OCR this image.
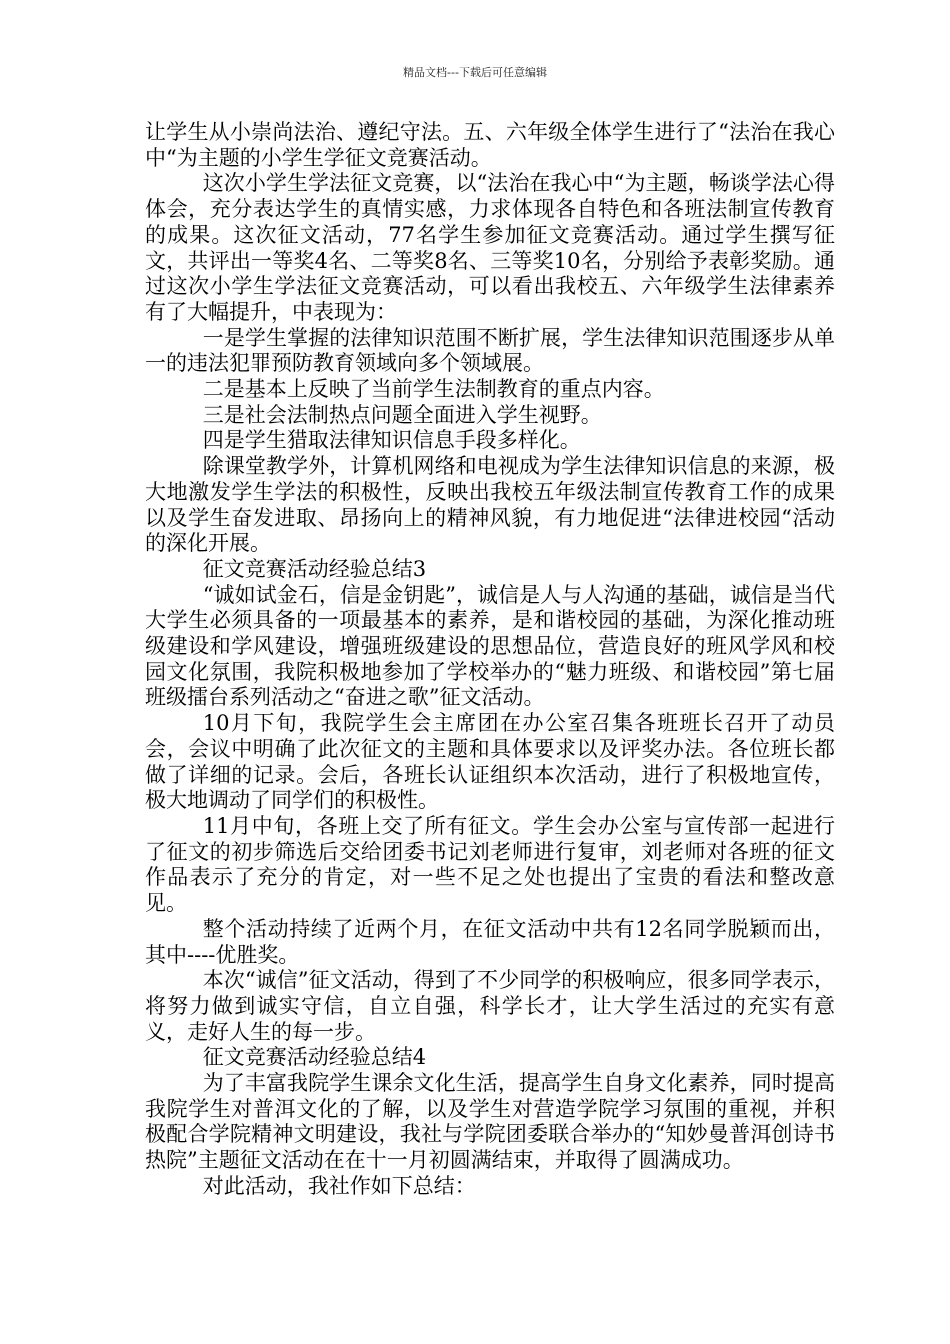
精品文档---下载后可任意编辑

让学生从小崇尚法治、遵纪守法。五、六年级全体学生进行了“法治在我心中“为主题的小学生学征文竞赛活动。

这次小学生学法征文竞赛，以“法治在我心中“为主题，畅谈学法心得体会，充分表达学生的真情实感，力求体现各自特色和各班法制宣传教育的成果。这次征文活动，77名学生参加征文竞赛活动。通过学生撰写征文，共评出一等奖4名、二等奖8名、三等奖10名，分别给予表彰奖励。通过这次小学生学法征文竞赛活动，可以看出我校五、六年级学生法律素养有了大幅提升，中表现为：

一是学生掌握的法律知识范围不断扩展，学生法律知识范围逐步从单一的违法犯罪预防教育领域向多个领域展。

二是基本上反映了当前学生法制教育的重点内容。

三是社会法制热点问题全面进入学生视野。

四是学生猎取法律知识信息手段多样化。

除课堂教学外，计算机网络和电视成为学生法律知识信息的来源，极大地激发学生学法的积极性，反映出我校五年级法制宣传教育工作的成果以及学生奋发进取、昂扬向上的精神风貌，有力地促进“法律进校园“活动的深化开展。

征文竞赛活动经验总结3

“诚如试金石，信是金钥匙”，诚信是人与人沟通的基础，诚信是当代大学生必须具备的一项最基本的素养，是和谐校园的基础，为深化推动班级建设和学风建设，增强班级建设的思想品位，营造良好的班风学风和校园文化氛围，我院积极地参加了学校举办的“魅力班级、和谐校园”第七届班级擂台系列活动之“奋进之歌”征文活动。

10月下旬，我院学生会主席团在办公室召集各班班长召开了动员会，会议中明确了此次征文的主题和具体要求以及评奖办法。各位班长都做了详细的记录。会后，各班长认证组织本次活动，进行了积极地宣传，极大地调动了同学们的积极性。

11月中旬，各班上交了所有征文。学生会办公室与宣传部一起进行了征文的初步筛选后交给团委书记刘老师进行复审，刘老师对各班的征文作品表示了充分的肯定，对一些不足之处也提出了宝贵的看法和整改意见。

整个活动持续了近两个月，在征文活动中共有12名同学脱颖而出，其中----优胜奖。

本次“诚信”征文活动，得到了不少同学的积极响应，很多同学表示，将努力做到诚实守信，自立自强，科学长才，让大学生活过的充实有意义，走好人生的每一步。

征文竞赛活动经验总结4

为了丰富我院学生课余文化生活，提高学生自身文化素养，同时提高我院学生对普洱文化的了解，以及学生对营造学院学习氛围的重视，并积极配合学院精神文明建设，我社与学院团委联合举办的“知妙曼普洱创诗书热院”主题征文活动在在十一月初圆满结束，并取得了圆满成功。

对此活动，我社作如下总结：
